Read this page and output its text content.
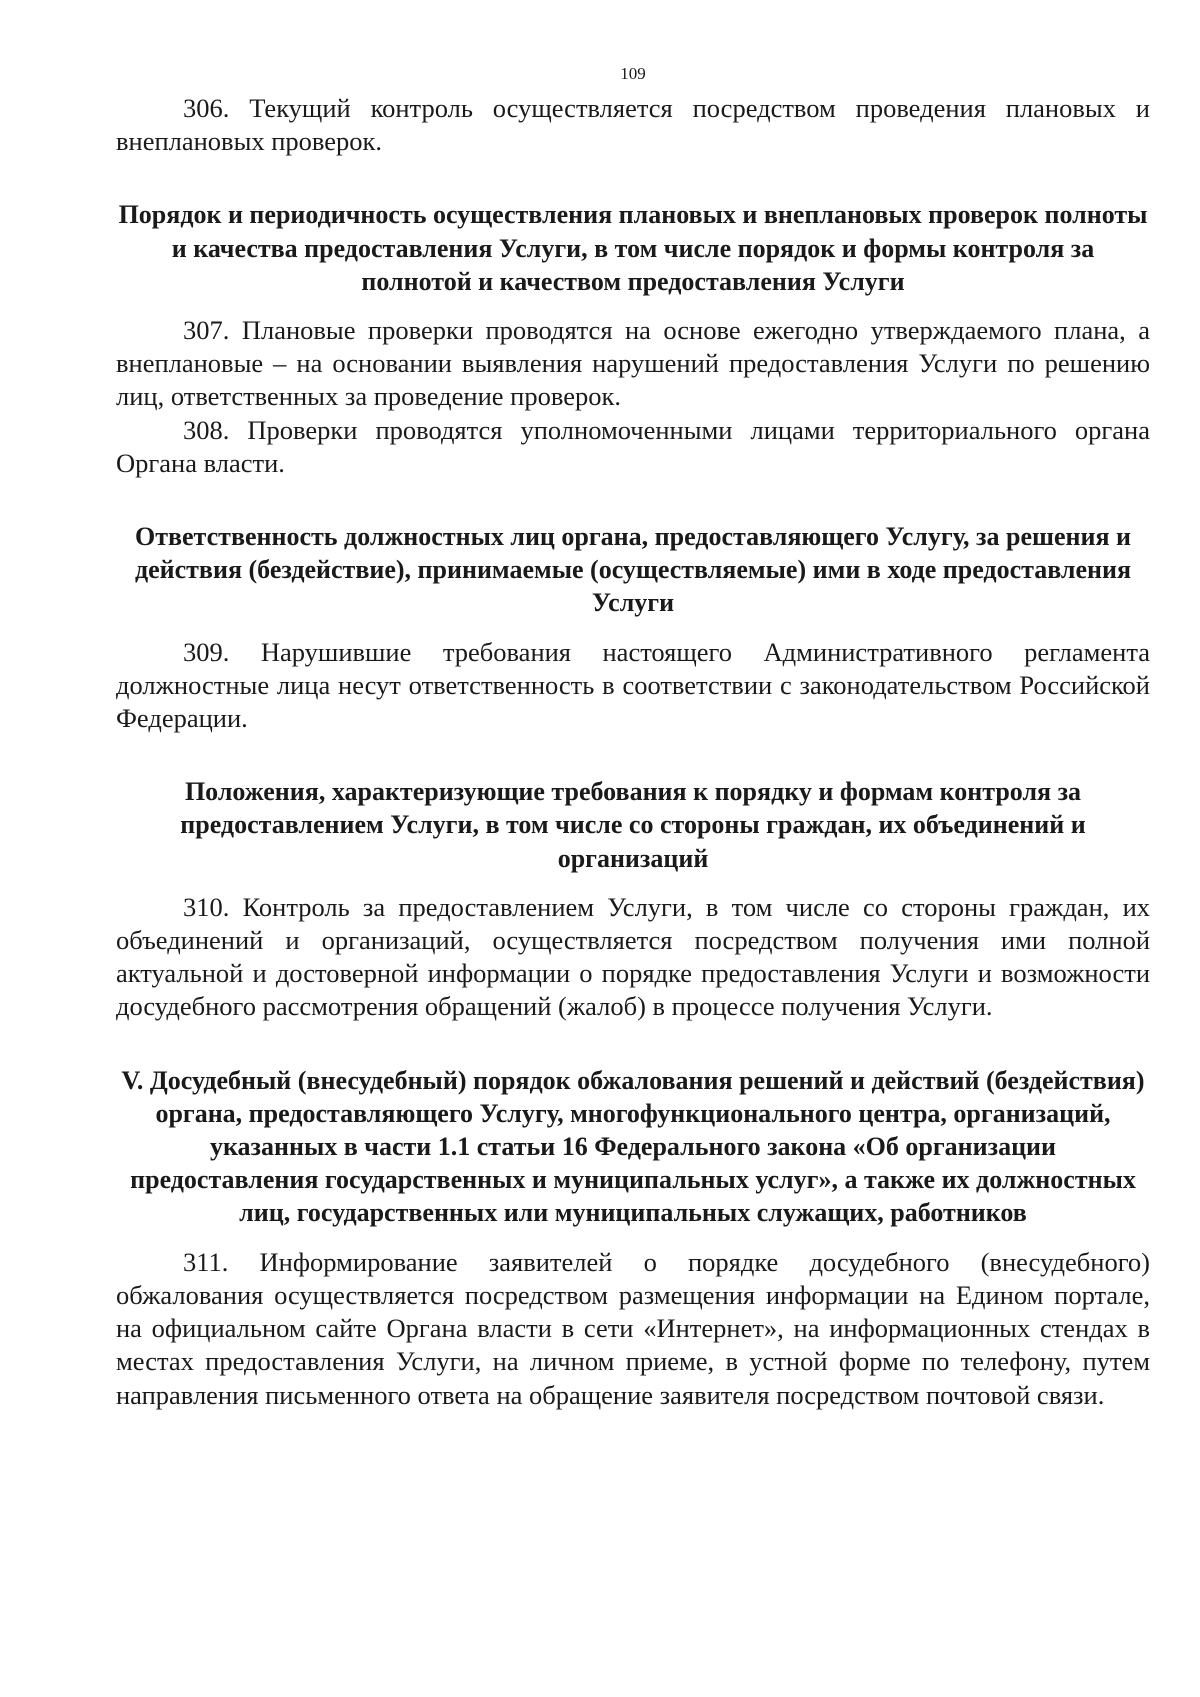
109

306. Текущий контроль осуществляется посредством проведения плановых и внеплановых проверок.

Порядок и периодичность осуществления плановых и внеплановых проверок полноты и качества предоставления Услуги, в том числе порядок и формы контроля за полнотой и качеством предоставления Услуги

307. Плановые проверки проводятся на основе ежегодно утверждаемого плана, а внеплановые – на основании выявления нарушений предоставления Услуги по решению лиц, ответственных за проведение проверок.

308. Проверки проводятся уполномоченными лицами территориального органа Органа власти.

Ответственность должностных лиц органа, предоставляющего Услугу, за решения и действия (бездействие), принимаемые (осуществляемые) ими в ходе предоставления Услуги

309. Нарушившие требования настоящего Административного регламента должностные лица несут ответственность в соответствии с законодательством Российской Федерации.

Положения, характеризующие требования к порядку и формам контроля за предоставлением Услуги, в том числе со стороны граждан, их объединений и организаций

310. Контроль за предоставлением Услуги, в том числе со стороны граждан, их объединений и организаций, осуществляется посредством получения ими полной актуальной и достоверной информации о порядке предоставления Услуги и возможности досудебного рассмотрения обращений (жалоб) в процессе получения Услуги.

V. Досудебный (внесудебный) порядок обжалования решений и действий (бездействия) органа, предоставляющего Услугу, многофункционального центра, организаций, указанных в части 1.1 статьи 16 Федерального закона «Об организации предоставления государственных и муниципальных услуг», а также их должностных лиц, государственных или муниципальных служащих, работников

311. Информирование заявителей о порядке досудебного (внесудебного) обжалования осуществляется посредством размещения информации на Едином портале, на официальном сайте Органа власти в сети «Интернет», на информационных стендах в местах предоставления Услуги, на личном приеме, в устной форме по телефону, путем направления письменного ответа на обращение заявителя посредством почтовой связи.
